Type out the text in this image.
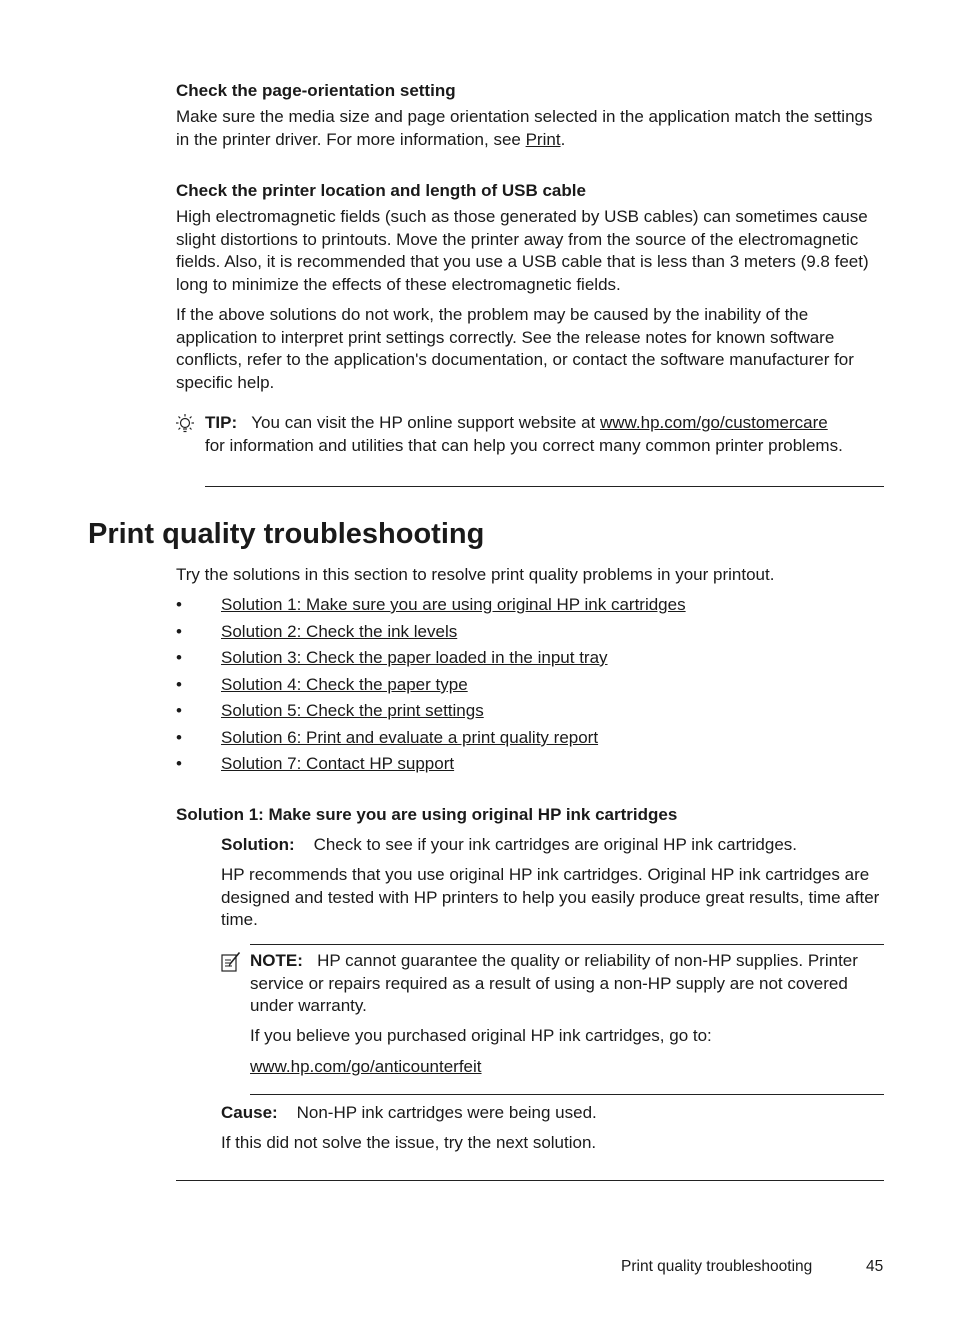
Check the page-orientation setting
Make sure the media size and page orientation selected in the application match the settings in the printer driver. For more information, see Print.
Check the printer location and length of USB cable
High electromagnetic fields (such as those generated by USB cables) can sometimes cause slight distortions to printouts. Move the printer away from the source of the electromagnetic fields. Also, it is recommended that you use a USB cable that is less than 3 meters (9.8 feet) long to minimize the effects of these electromagnetic fields.
If the above solutions do not work, the problem may be caused by the inability of the application to interpret print settings correctly. See the release notes for known software conflicts, refer to the application's documentation, or contact the software manufacturer for specific help.
TIP: You can visit the HP online support website at www.hp.com/go/customercare
for information and utilities that can help you correct many common printer problems.
Print quality troubleshooting
Try the solutions in this section to resolve print quality problems in your printout.
• Solution 1: Make sure you are using original HP ink cartridges
• Solution 2: Check the ink levels
• Solution 3: Check the paper loaded in the input tray
• Solution 4: Check the paper type
• Solution 5: Check the print settings
• Solution 6: Print and evaluate a print quality report
• Solution 7: Contact HP support
Solution 1: Make sure you are using original HP ink cartridges
Solution: Check to see if your ink cartridges are original HP ink cartridges.
HP recommends that you use original HP ink cartridges. Original HP ink cartridges are designed and tested with HP printers to help you easily produce great results, time after time.
NOTE: HP cannot guarantee the quality or reliability of non-HP supplies. Printer service or repairs required as a result of using a non-HP supply are not covered under warranty.
If you believe you purchased original HP ink cartridges, go to:
www.hp.com/go/anticounterfeit
Cause: Non-HP ink cartridges were being used.
If this did not solve the issue, try the next solution.
Print quality troubleshooting	45
